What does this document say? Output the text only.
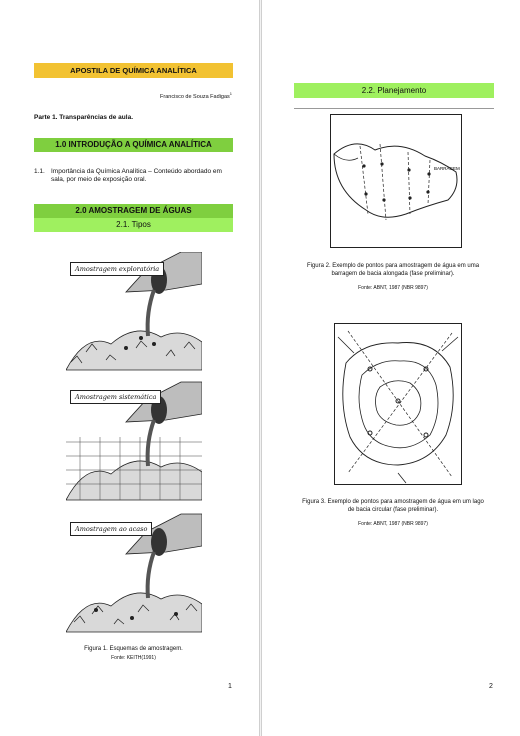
APOSTILA DE QUÍMICA ANALÍTICA
Francisco de Souza Fadigas$^1$
Parte 1. Transparências de aula.
1.0 INTRODUÇÃO A QUÍMICA ANALÍTICA
1.1. Importância da Química Analítica – Conteúdo abordado em sala, por meio de exposição oral.
2.0 AMOSTRAGEM DE ÁGUAS
2.1. Tipos
Amostragem exploratória
Amostragem sistemática
Amostragem ao acaso
Figura 1. Esquemas de amostragem.
Fonte: KEITH(1991)
1
2.2. Planejamento
BARRAGEM
Figura 2. Exemplo de pontos para amostragem de água em uma barragem de bacia alongada (fase preliminar).
Fonte: ABNT, 1987 (NBR 9897)
Figura 3. Exemplo de pontos para amostragem de água em um lago de bacia circular (fase preliminar).
Fonte: ABNT, 1987 (NBR 9897)
2
